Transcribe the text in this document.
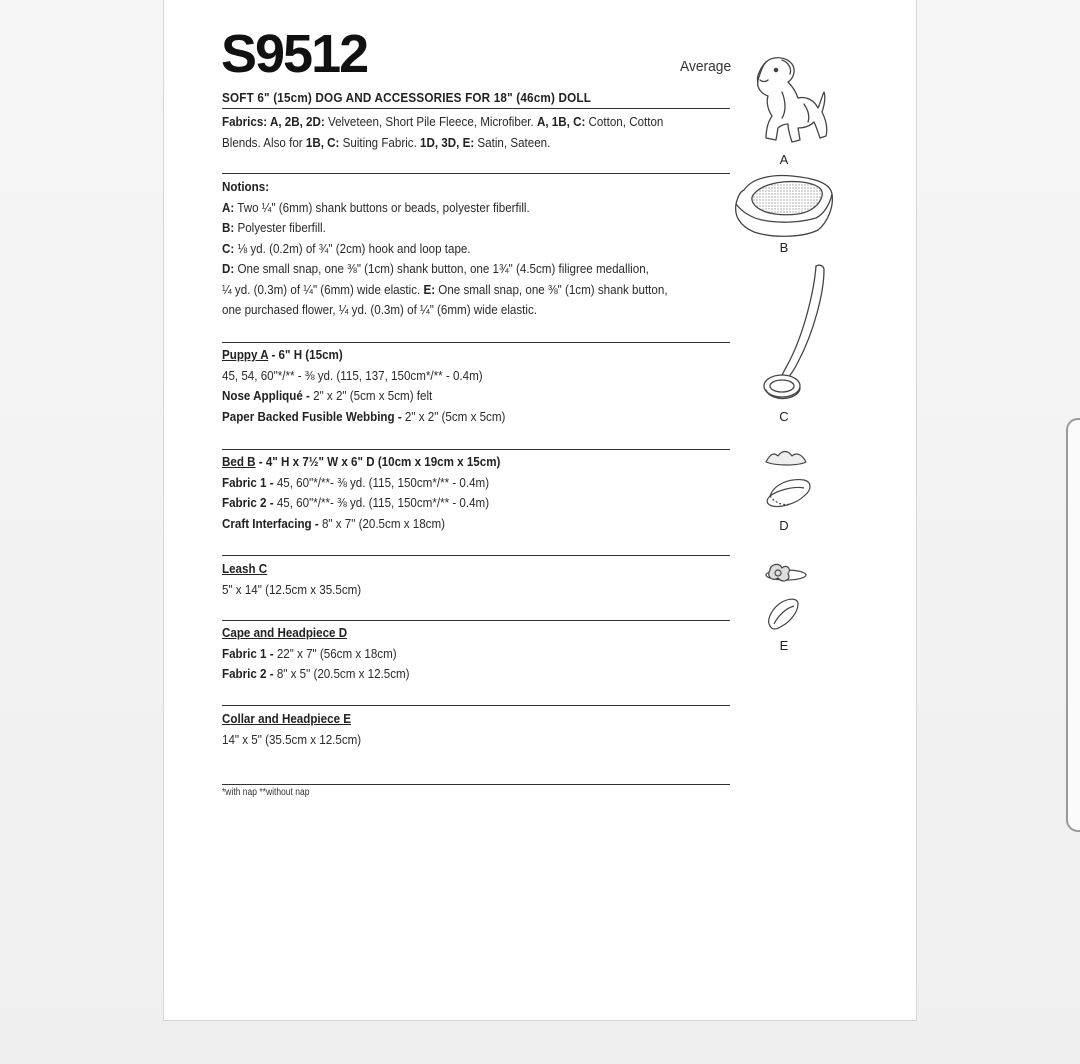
S9512	Average
SOFT 6" (15cm) DOG AND ACCESSORIES FOR 18" (46cm) DOLL
Fabrics: A, 2B, 2D: Velveteen, Short Pile Fleece, Microfiber. A, 1B, C: Cotton, Cotton
Blends. Also for 1B, C: Suiting Fabric. 1D, 3D, E: Satin, Sateen.
Notions:
A: Two ¼" (6mm) shank buttons or beads, polyester fiberfill.
B: Polyester fiberfill.
C: ⅛ yd. (0.2m) of ¾" (2cm) hook and loop tape.
D: One small snap, one ⅜" (1cm) shank button, one 1¾" (4.5cm) filigree medallion,
¼ yd. (0.3m) of ¼" (6mm) wide elastic. E: One small snap, one ⅜" (1cm) shank button,
one purchased flower, ¼ yd. (0.3m) of ¼" (6mm) wide elastic.
Puppy A - 6" H (15cm)
45, 54, 60"*/** - ⅜ yd. (115, 137, 150cm*/** - 0.4m)
Nose Appliqué - 2" x 2" (5cm x 5cm) felt
Paper Backed Fusible Webbing - 2" x 2" (5cm x 5cm)
Bed B - 4" H x 7½" W x 6" D (10cm x 19cm x 15cm)
Fabric 1 - 45, 60"*/**- ⅜ yd. (115, 150cm*/** - 0.4m)
Fabric 2 - 45, 60"*/**- ⅜ yd. (115, 150cm*/** - 0.4m)
Craft Interfacing - 8" x 7" (20.5cm x 18cm)
Leash C
5" x 14" (12.5cm x 35.5cm)
Cape and Headpiece D
Fabric 1 - 22" x 7" (56cm x 18cm)
Fabric 2 - 8" x 5" (20.5cm x 12.5cm)
Collar and Headpiece E
14" x 5" (35.5cm x 12.5cm)
*with nap **without nap
A
B
C
D
E
